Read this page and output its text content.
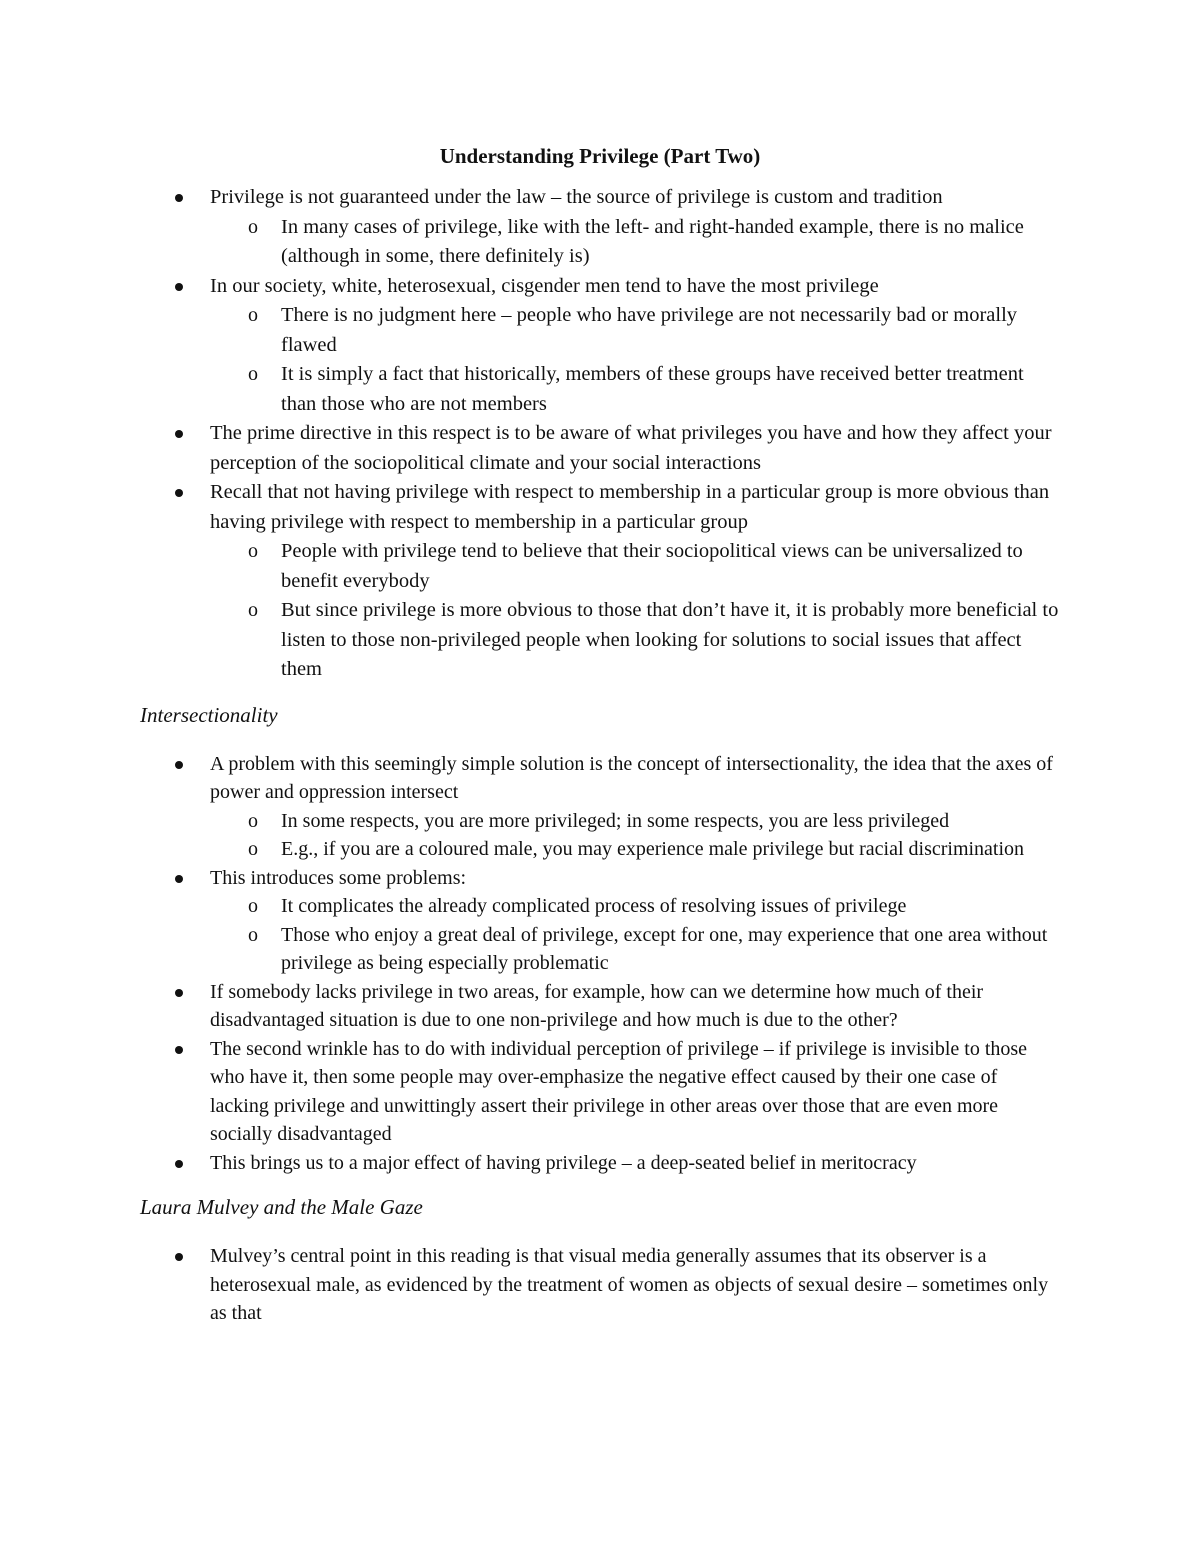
Understanding Privilege (Part Two)
Privilege is not guaranteed under the law – the source of privilege is custom and tradition
o In many cases of privilege, like with the left- and right-handed example, there is no malice (although in some, there definitely is)
In our society, white, heterosexual, cisgender men tend to have the most privilege
o There is no judgment here – people who have privilege are not necessarily bad or morally flawed
o It is simply a fact that historically, members of these groups have received better treatment than those who are not members
The prime directive in this respect is to be aware of what privileges you have and how they affect your perception of the sociopolitical climate and your social interactions
Recall that not having privilege with respect to membership in a particular group is more obvious than having privilege with respect to membership in a particular group
o People with privilege tend to believe that their sociopolitical views can be universalized to benefit everybody
o But since privilege is more obvious to those that don’t have it, it is probably more beneficial to listen to those non-privileged people when looking for solutions to social issues that affect them
Intersectionality
A problem with this seemingly simple solution is the concept of intersectionality, the idea that the axes of power and oppression intersect
o In some respects, you are more privileged; in some respects, you are less privileged
o E.g., if you are a coloured male, you may experience male privilege but racial discrimination
This introduces some problems:
o It complicates the already complicated process of resolving issues of privilege
o Those who enjoy a great deal of privilege, except for one, may experience that one area without privilege as being especially problematic
If somebody lacks privilege in two areas, for example, how can we determine how much of their disadvantaged situation is due to one non-privilege and how much is due to the other?
The second wrinkle has to do with individual perception of privilege – if privilege is invisible to those who have it, then some people may over-emphasize the negative effect caused by their one case of lacking privilege and unwittingly assert their privilege in other areas over those that are even more socially disadvantaged
This brings us to a major effect of having privilege – a deep-seated belief in meritocracy
Laura Mulvey and the Male Gaze
Mulvey’s central point in this reading is that visual media generally assumes that its observer is a heterosexual male, as evidenced by the treatment of women as objects of sexual desire – sometimes only as that
